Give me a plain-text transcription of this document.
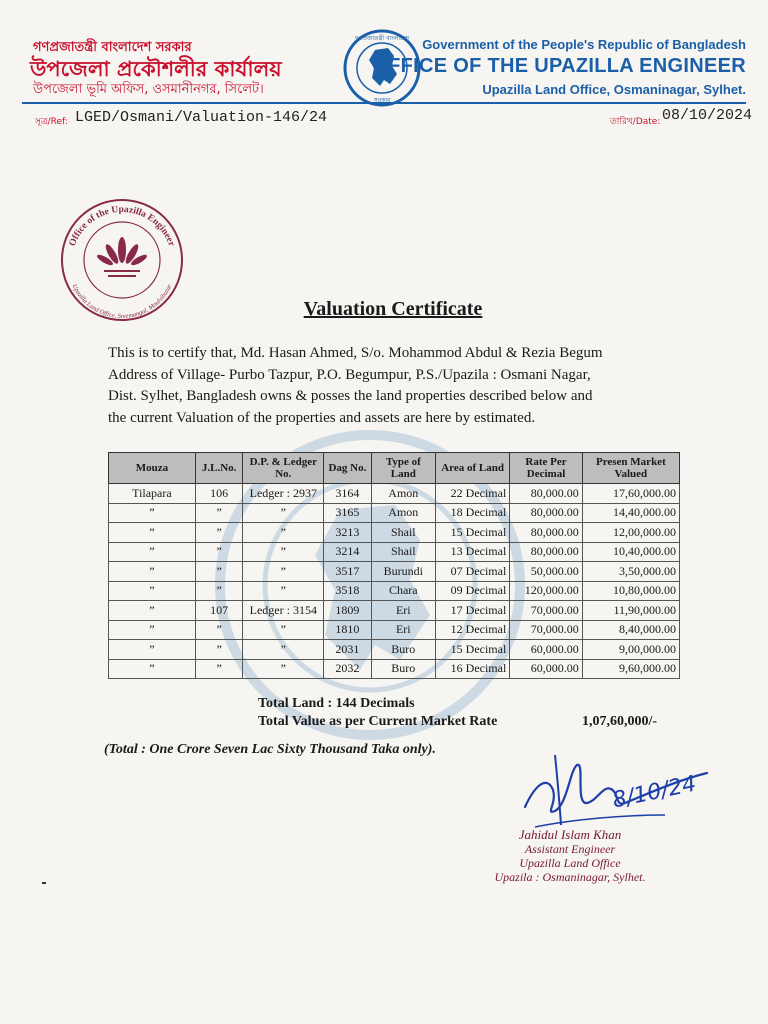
গণপ্রজাতন্ত্রী বাংলাদেশ সরকার
উপজেলা প্রকৌশলীর কার্যালয়
উপজেলা ভূমি অফিস, ওসমানীনগর, সিলেট।
গণপ্রজাতন্ত্রী বাংলাদেশ
সরকার
Government of the People's Republic of Bangladesh
OFFICE OF THE UPAZILLA ENGINEER
Upazilla Land Office, Osmaninagar, Sylhet.
সূত্র/Ref: LGED/Osmani/Valuation-146/24	তারিখ/Date: 08/10/2024
Office of the Upazilla Engineer
Upazilla Land Office, Sreemangal, Moulvibazar
Valuation Certificate

This is to certify that, Md. Hasan Ahmed, S/o. Mohammod Abdul & Rezia Begum

Address of Village- Purbo Tazpur, P.O. Begumpur, P.S./Upazila : Osmani Nagar,

Dist. Sylhet, Bangladesh owns & posses the land properties described below and

the current Valuation of the properties and assets are here by estimated.

Mouza	J.L.No.	D.P. & Ledger No.	Dag No.	Type of Land	Area of Land	Rate Per Decimal	Presen Market Valued
Tilapara	106	Ledger : 2937	3164	Amon	22 Decimal	80,000.00	17,60,000.00
”	”	”	3165	Amon	18 Decimal	80,000.00	14,40,000.00
”	”	”	3213	Shail	15 Decimal	80,000.00	12,00,000.00
”	”	”	3214	Shail	13 Decimal	80,000.00	10,40,000.00
”	”	”	3517	Burundi	07 Decimal	50,000.00	3,50,000.00
”	”	”	3518	Chara	09 Decimal	120,000.00	10,80,000.00
”	107	Ledger : 3154	1809	Eri	17 Decimal	70,000.00	11,90,000.00
”	”	”	1810	Eri	12 Decimal	70,000.00	8,40,000.00
”	”	”	2031	Buro	15 Decimal	60,000.00	9,00,000.00
”	”	”	2032	Buro	16 Decimal	60,000.00	9,60,000.00
Total Land : 144 Decimals
Total Value as per Current Market Rate	1,07,60,000/-
(Total : One Crore Seven Lac Sixty Thousand Taka only).
8/10/24
Jahidul Islam Khan
Assistant Engineer
Upazilla Land Office
Upazila : Osmaninagar, Sylhet.
